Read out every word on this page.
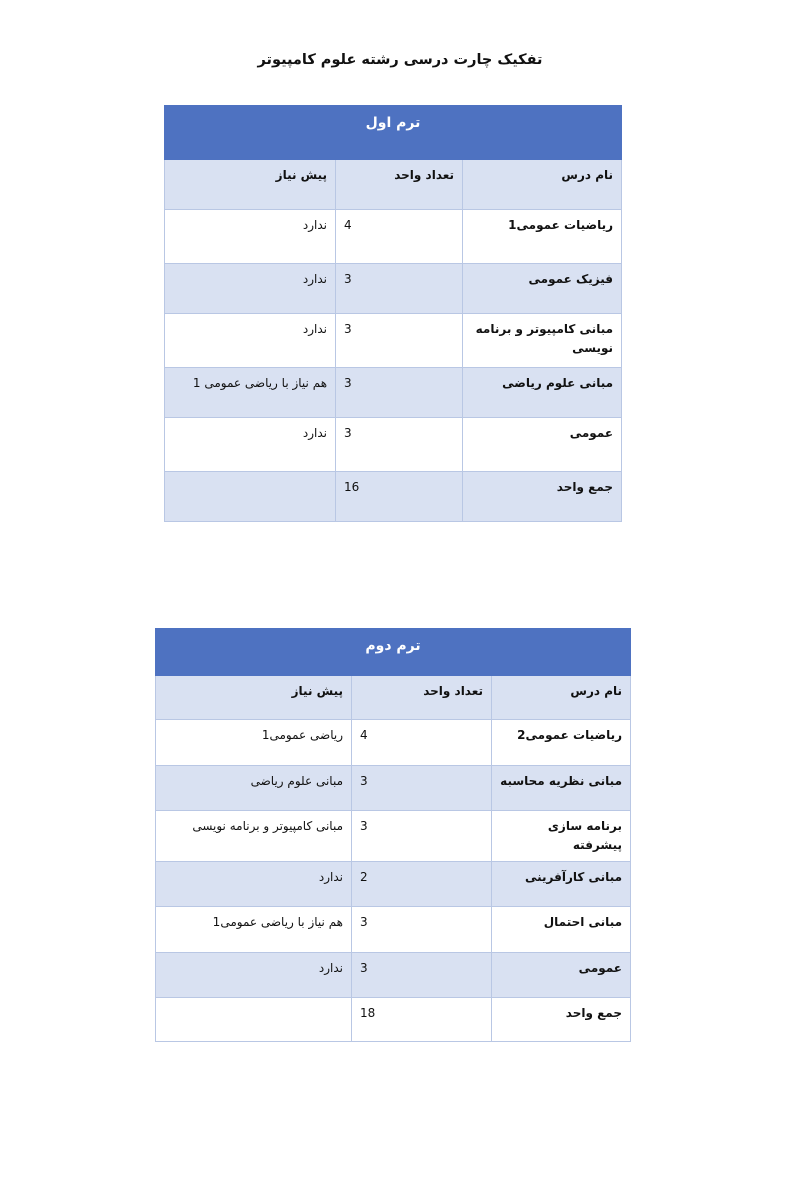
تفکیک چارت درسی رشته علوم کامپیوتر
ترم اول		
نام درس	تعداد واحد	پیش نیاز
ریاضیات عمومی1	4	ندارد
فیزیک عمومی	3	ندارد
مبانی کامپیوتر و برنامه نویسی	3	ندارد
مبانی علوم ریاضی	3	هم نیاز با ریاضی عمومی 1
عمومی	3	ندارد
جمع واحد	16	
ترم دوم		
نام درس	تعداد واحد	پیش نیاز
ریاضیات عمومی2	4	ریاضی عمومی1
مبانی نظریه محاسبه	3	مبانی علوم ریاضی
برنامه سازی پیشرفته	3	مبانی کامپیوتر و برنامه نویسی
مبانی کارآفرینی	2	ندارد
مبانی احتمال	3	هم نیاز با ریاضی عمومی1
عمومی	3	ندارد
جمع واحد	18	
